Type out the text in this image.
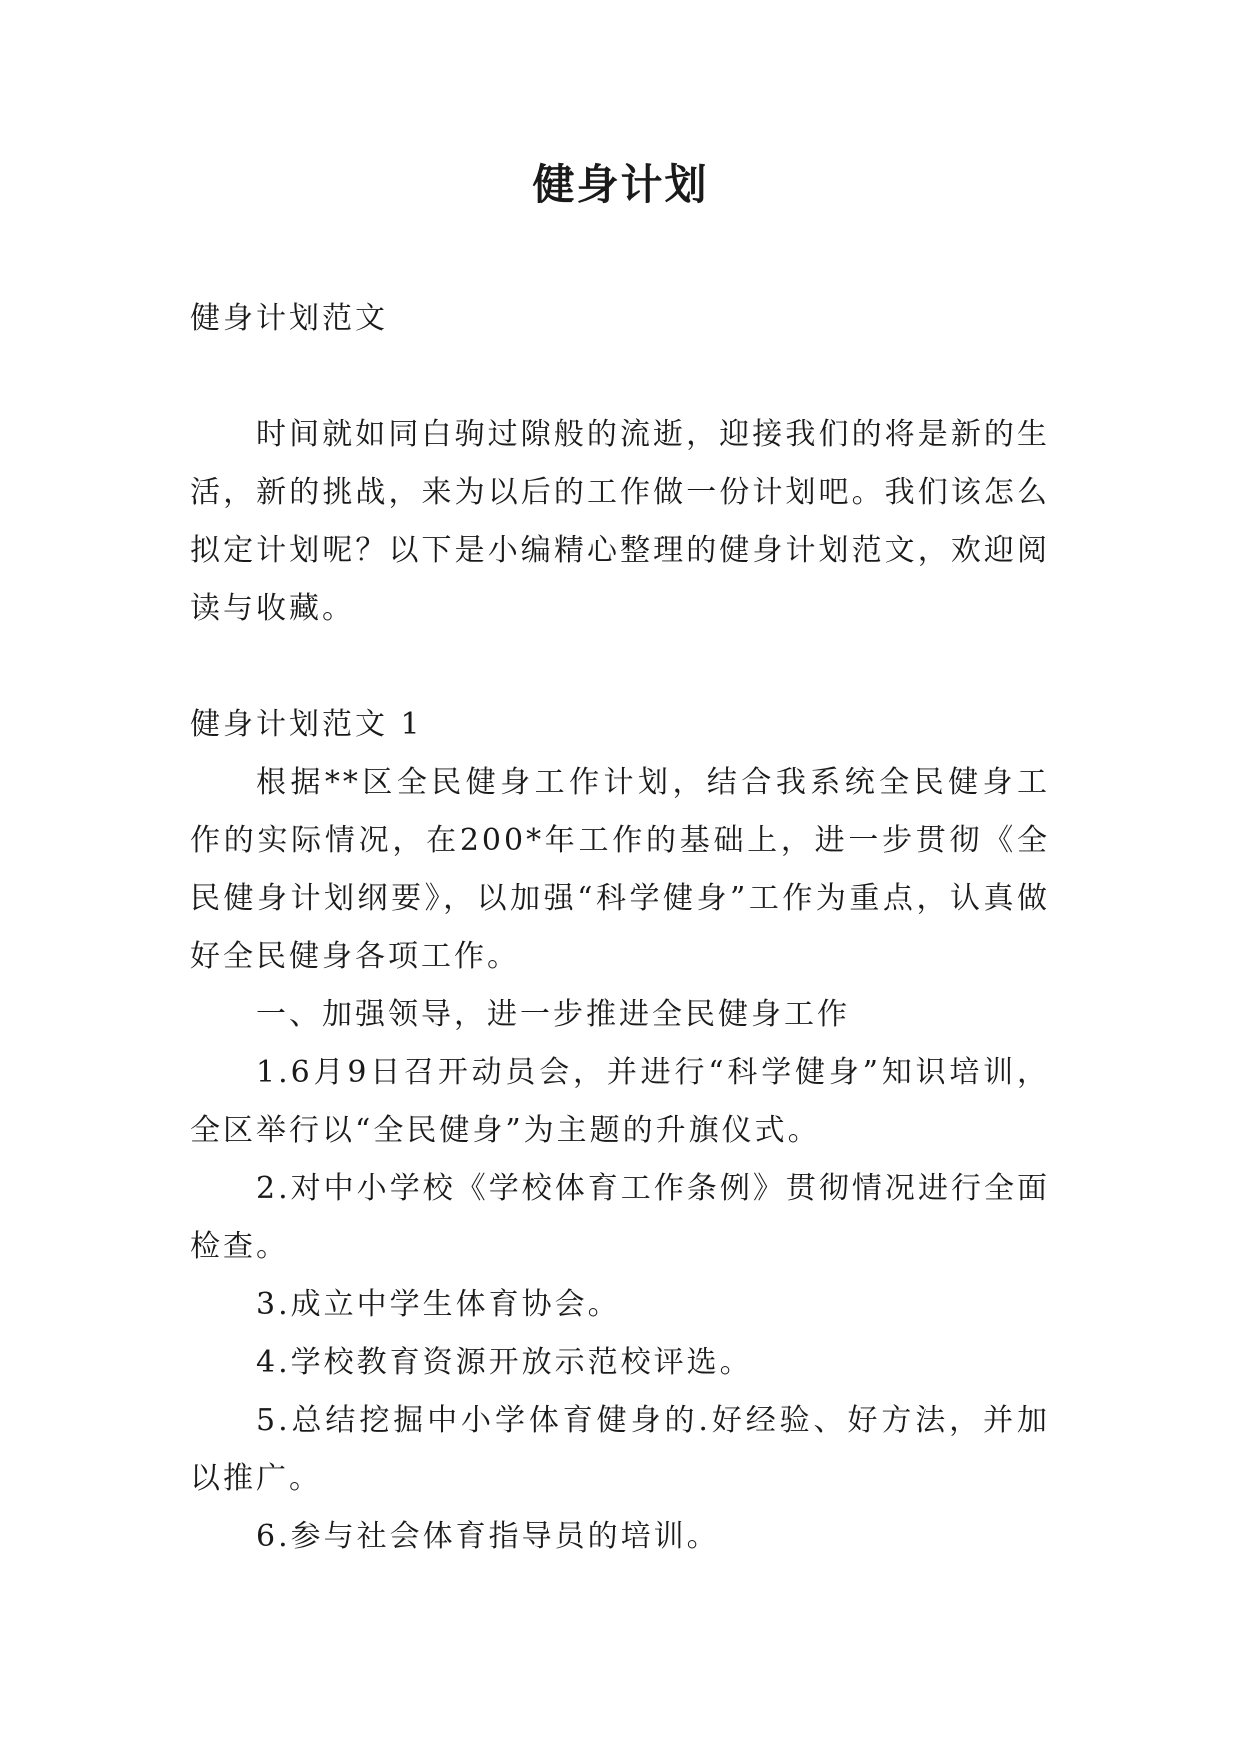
健身计划

健身计划范文

时间就如同白驹过隙般的流逝，迎接我们的将是新的生活，新的挑战，来为以后的工作做一份计划吧。我们该怎么拟定计划呢？以下是小编精心整理的健身计划范文，欢迎阅读与收藏。

健身计划范文 1

根据**区全民健身工作计划，结合我系统全民健身工作的实际情况，在200*年工作的基础上，进一步贯彻《全民健身计划纲要》，以加强“科学健身”工作为重点，认真做好全民健身各项工作。

一、加强领导，进一步推进全民健身工作

1.6月9日召开动员会，并进行“科学健身”知识培训，全区举行以“全民健身”为主题的升旗仪式。

2.对中小学校《学校体育工作条例》贯彻情况进行全面检查。

3.成立中学生体育协会。

4.学校教育资源开放示范校评选。

5.总结挖掘中小学体育健身的.好经验、好方法，并加以推广。

6.参与社会体育指导员的培训。
